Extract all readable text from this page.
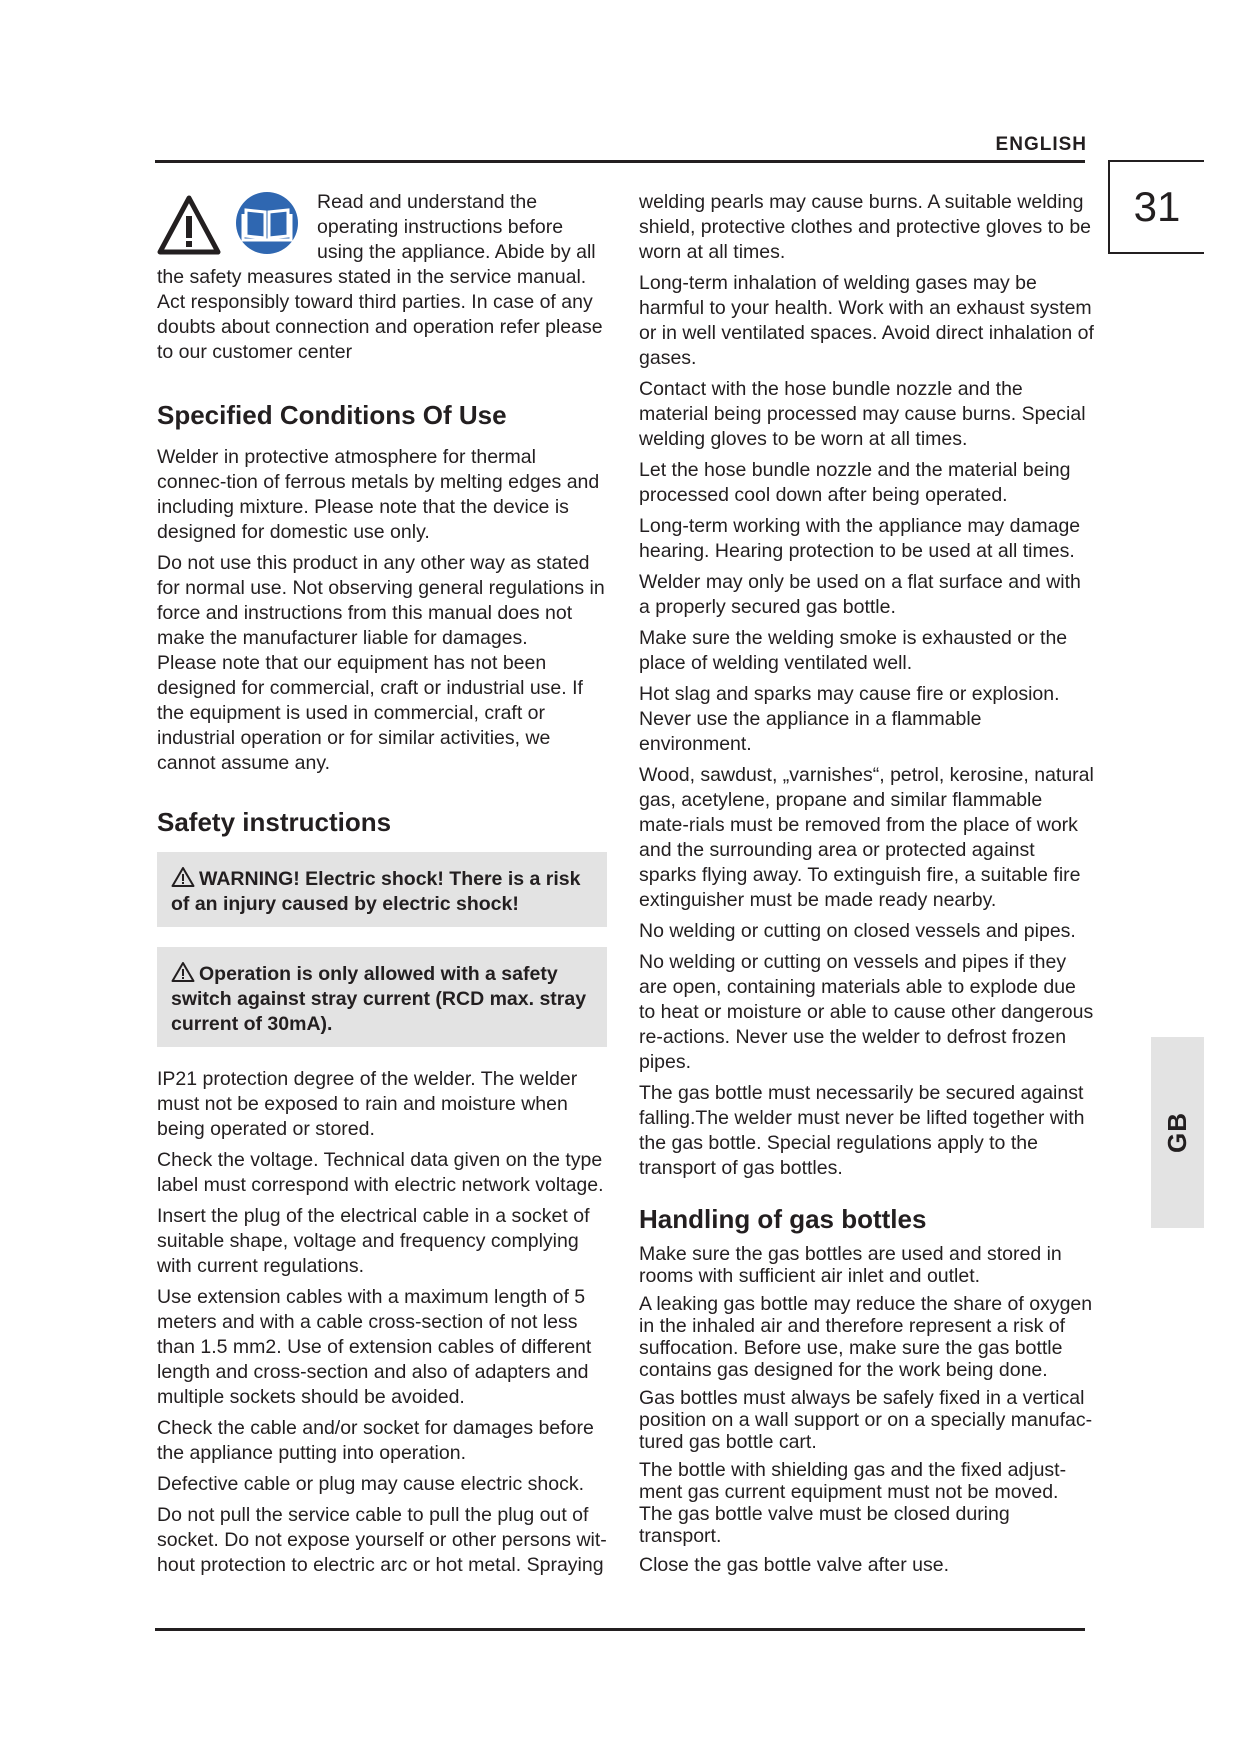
ENGLISH
31
GB

Read and understand the operating instructions before using the appliance. Abide by all the safety measures stated in the service manual. Act responsibly toward third parties. In case of any doubts about connection and operation refer please to our customer center

Specified Conditions Of Use

Welder in protective atmosphere for thermal connec-tion of ferrous metals by melting edges and including mixture. Please note that the device is designed for domestic use only.

Do not use this product in any other way as stated for normal use. Not observing general regulations in force and instructions from this manual does not make the manufacturer liable for damages.

Please note that our equipment has not been designed for commercial, craft or industrial use. If the equipment is used in commercial, craft or industrial operation or for similar activities, we cannot assume any.

Safety instructions
WARNING! Electric shock! There is a risk of an injury caused by electric shock!
Operation is only allowed with a safety switch against stray current (RCD max. stray current of 30mA).

IP21 protection degree of the welder. The welder must not be exposed to rain and moisture when being operated or stored.

Check the voltage. Technical data given on the type label must correspond with electric network voltage.

Insert the plug of the electrical cable in a socket of suitable shape, voltage and frequency complying with current regulations.

Use extension cables with a maximum length of 5 meters and with a cable cross-section of not less than 1.5 mm2. Use of extension cables of different length and cross-section and also of adapters and multiple sockets should be avoided.

Check the cable and/or socket for damages before the appliance putting into operation.

Defective cable or plug may cause electric shock.

Do not pull the service cable to pull the plug out of socket. Do not expose yourself or other persons wit-hout protection to electric arc or hot metal. Spraying

welding pearls may cause burns. A suitable welding shield, protective clothes and protective gloves to be worn at all times.

Long-term inhalation of welding gases may be harmful to your health. Work with an exhaust system or in well ventilated spaces. Avoid direct inhalation of gases.

Contact with the hose bundle nozzle and the material being processed may cause burns. Special welding gloves to be worn at all times.

Let the hose bundle nozzle and the material being processed cool down after being operated.

Long-term working with the appliance may damage hearing. Hearing protection to be used at all times.

Welder may only be used on a flat surface and with a properly secured gas bottle.

Make sure the welding smoke is exhausted or the place of welding ventilated well.

Hot slag and sparks may cause fire or explosion. Never use the appliance in a flammable environment.

Wood, sawdust, „varnishes“, petrol, kerosine, natural gas, acetylene, propane and similar flammable mate-rials must be removed from the place of work and the surrounding area or protected against sparks flying away. To extinguish fire, a suitable fire extinguisher must be made ready nearby.

No welding or cutting on closed vessels and pipes.

No welding or cutting on vessels and pipes if they are open, containing materials able to explode due to heat or moisture or able to cause other dangerous re-actions. Never use the welder to defrost frozen pipes.

The gas bottle must necessarily be secured against falling.The welder must never be lifted together with the gas bottle. Special regulations apply to the transport of gas bottles.

Handling of gas bottles

Make sure the gas bottles are used and stored in rooms with sufficient air inlet and outlet.

A leaking gas bottle may reduce the share of oxygen in the inhaled air and therefore represent a risk of suffocation. Before use, make sure the gas bottle contains gas designed for the work being done.

Gas bottles must always be safely fixed in a vertical position on a wall support or on a specially manufac-tured gas bottle cart.

The bottle with shielding gas and the fixed adjust-ment gas current equipment must not be moved. The gas bottle valve must be closed during transport.

Close the gas bottle valve after use.
